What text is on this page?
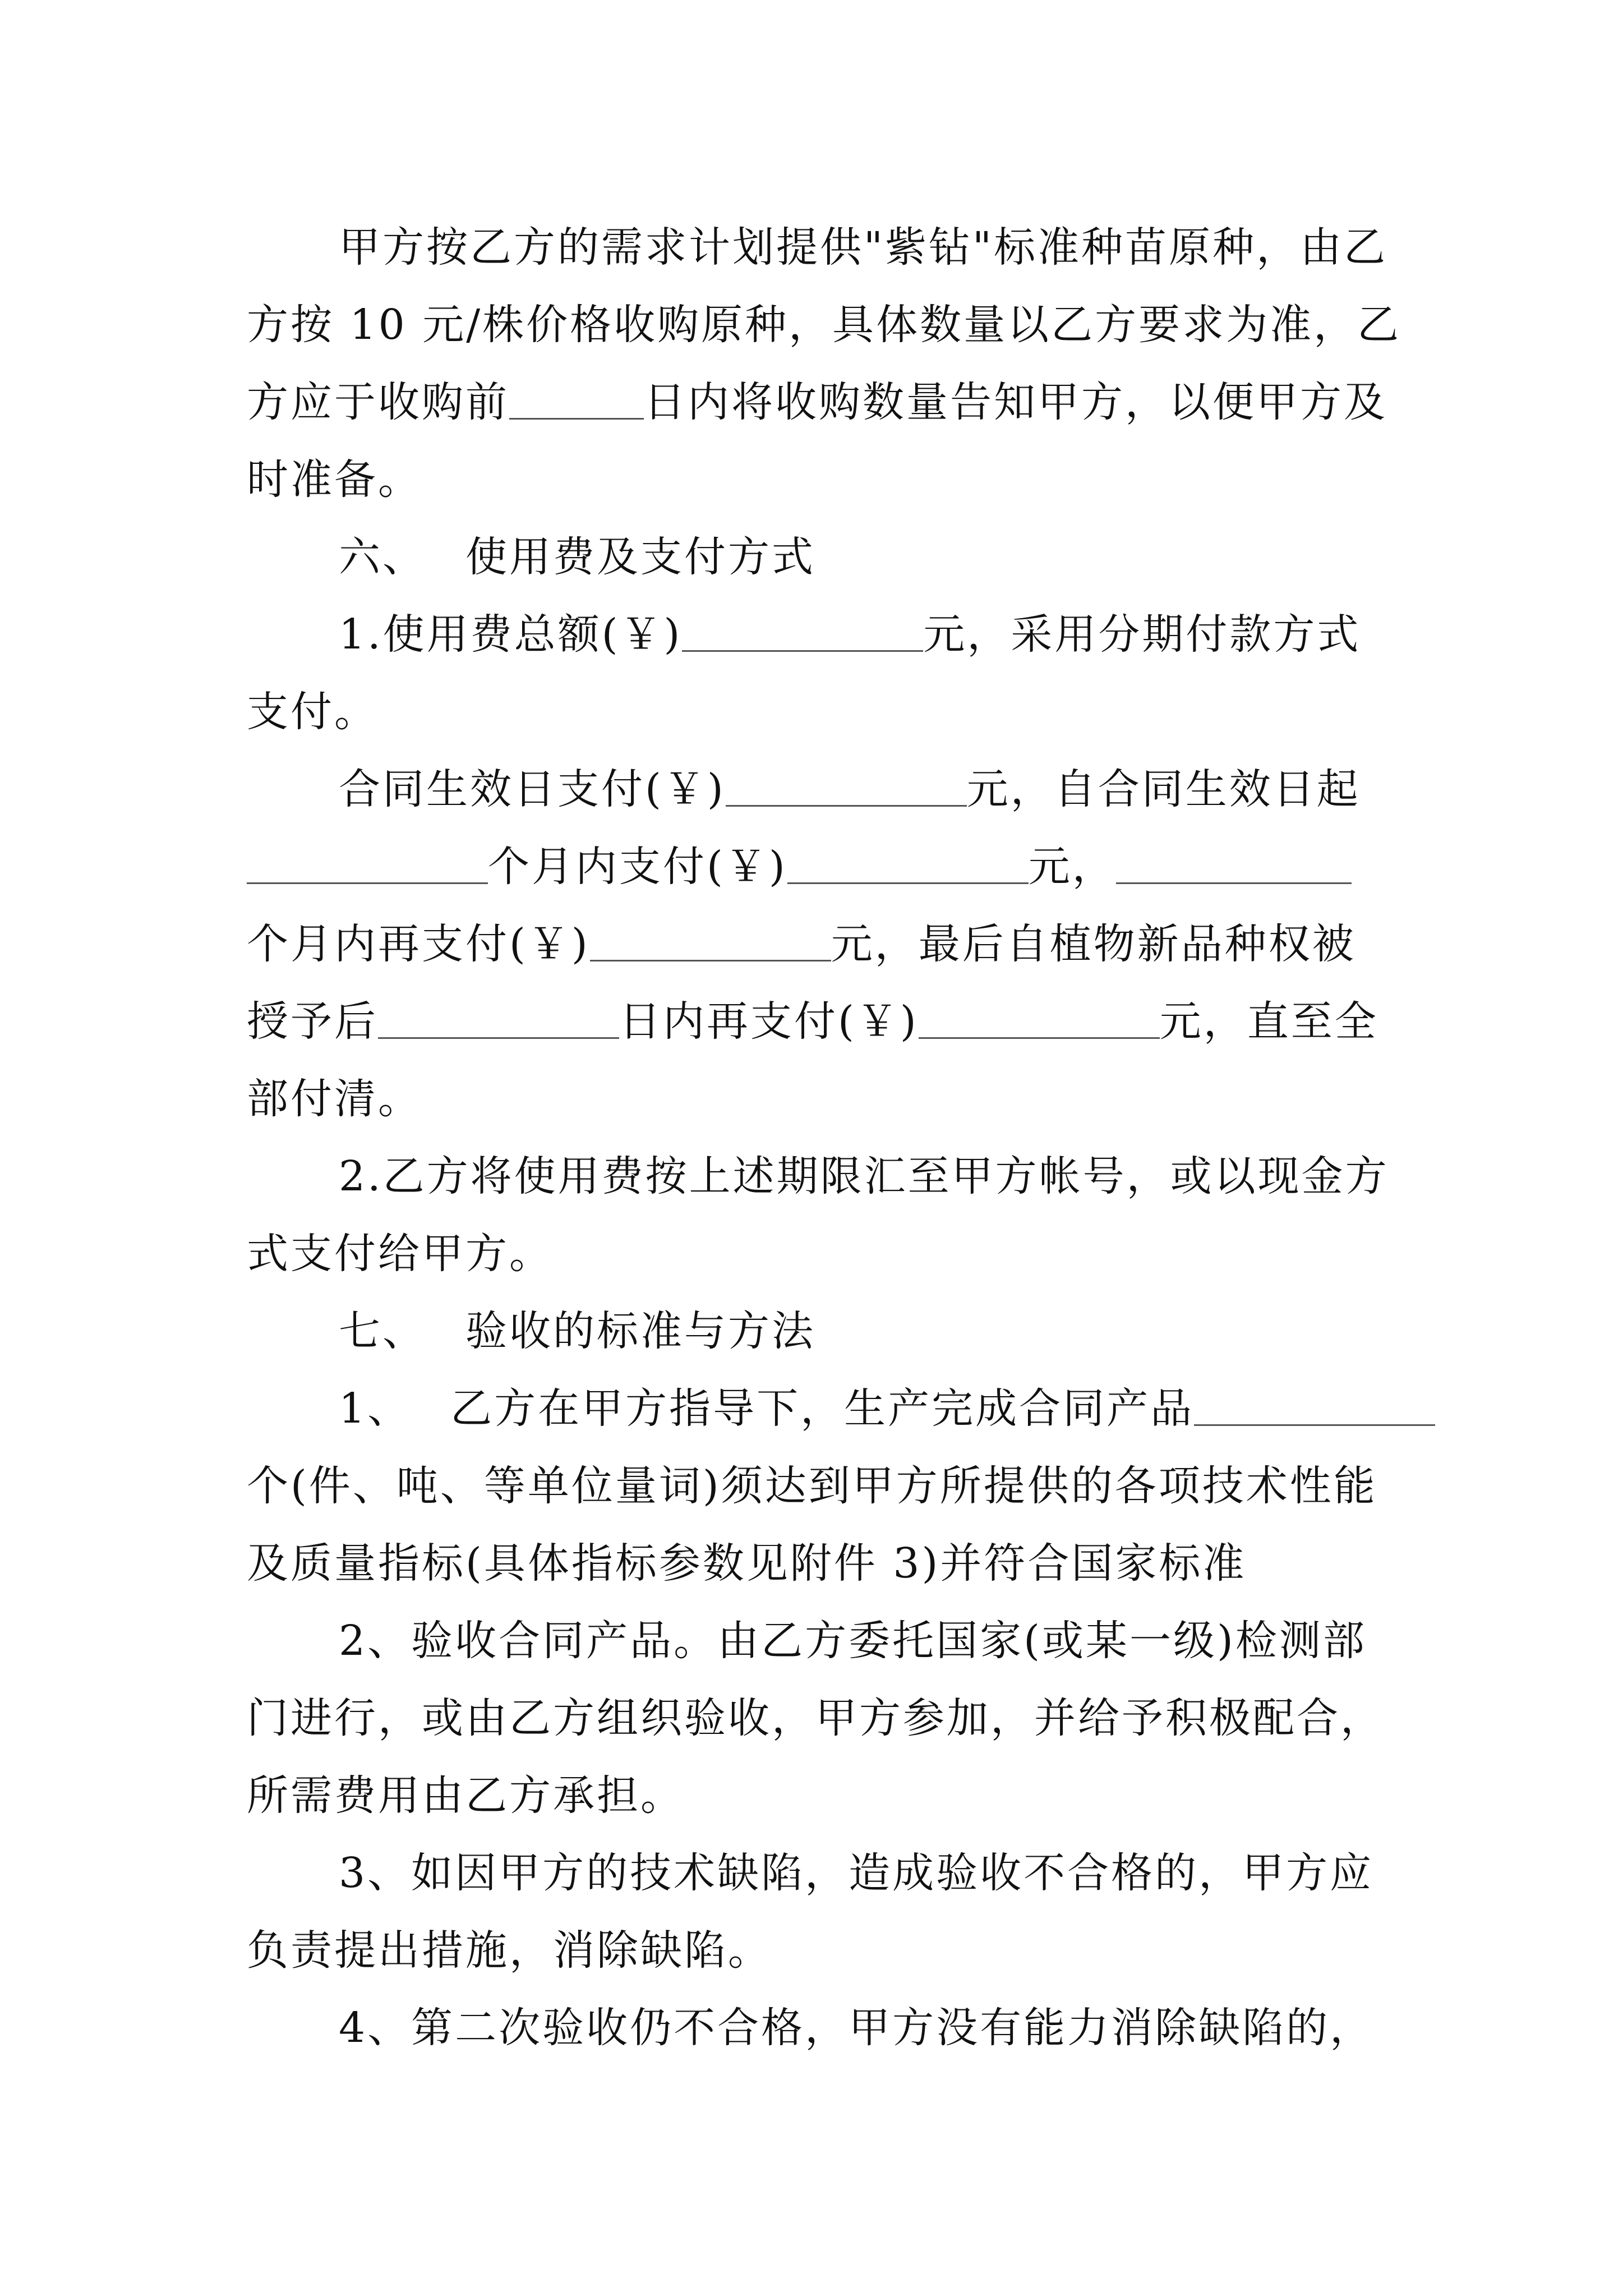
甲方按乙方的需求计划提供"紫钻"标准种苗原种，由乙
方按 10 元/株价格收购原种，具体数量以乙方要求为准，乙
方应于收购前	日内将收购数量告知甲方，以便甲方及
时准备。
六、 使用费及支付方式
1.使用费总额(￥)	元，采用分期付款方式
支付。
合同生效日支付(￥)	元，自合同生效日起
个月内支付(￥)	元，
个月内再支付(￥)	元，最后自植物新品种权被
授予后	日内再支付(￥)	元，直至全
部付清。
2.乙方将使用费按上述期限汇至甲方帐号，或以现金方
式支付给甲方。
七、 验收的标准与方法
1、 乙方在甲方指导下，生产完成合同产品
个(件、吨、等单位量词)须达到甲方所提供的各项技术性能
及质量指标(具体指标参数见附件 3)并符合国家标准
2、验收合同产品。由乙方委托国家(或某一级)检测部
门进行，或由乙方组织验收，甲方参加，并给予积极配合，
所需费用由乙方承担。
3、如因甲方的技术缺陷，造成验收不合格的，甲方应
负责提出措施，消除缺陷。
4、第二次验收仍不合格，甲方没有能力消除缺陷的，
